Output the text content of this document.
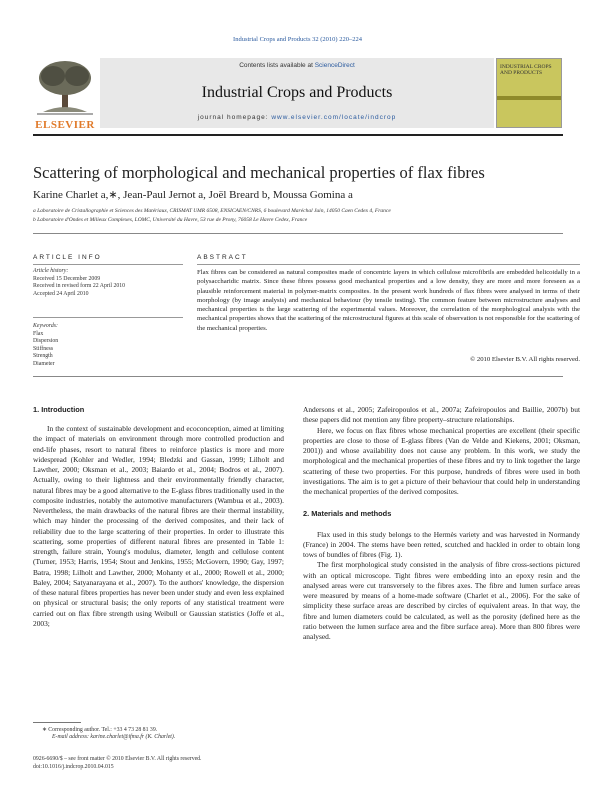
Industrial Crops and Products 32 (2010) 220–224
ELSEVIER
Contents lists available at ScienceDirect
Industrial Crops and Products
journal homepage: www.elsevier.com/locate/indcrop
INDUSTRIAL CROPS AND PRODUCTS
Scattering of morphological and mechanical properties of flax fibres
Karine Charlet a,∗, Jean-Paul Jernot a, Joël Breard b, Moussa Gomina a
a Laboratoire de Cristallographie et Sciences des Matériaux, CRISMAT UMR 6508, ENSICAEN/CNRS, 6 boulevard Maréchal Juin, 14050 Caen Cedex 4, France
b Laboratoire d'Ondes et Milieux Complexes, LOMC, Université du Havre, 53 rue de Prony, 76058 Le Havre Cedex, France
ARTICLE INFO
Article history:
Received 15 December 2009
Received in revised form 22 April 2010
Accepted 24 April 2010
Keywords:
Flax
Dispersion
Stiffness
Strength
Diameter
ABSTRACT
Flax fibres can be considered as natural composites made of concentric layers in which cellulose microfibrils are embedded helicoidally in a polysaccharidic matrix. Since these fibres possess good mechanical properties and a low density, they are more and more foreseen as a plausible reinforcement material in polymer-matrix composites. In the present work hundreds of flax fibres were analysed in terms of their morphology (by image analysis) and mechanical behaviour (by tensile testing). The common feature between microstructure analyses and mechanical properties is the large scattering of the experimental values. Moreover, the correlation of the morphological analysis with the mechanical properties shows that the scattering of the microstructural figures at this scale of observation is not responsible for the scattering of the mechanical properties.
© 2010 Elsevier B.V. All rights reserved.
1. Introduction

In the context of sustainable development and ecoconception, aimed at limiting the impact of materials on environment through more controlled production and end-life phases, resort to natural fibres to reinforce plastics is more and more widespread (Kohler and Wedler, 1994; Bledzki and Gassan, 1999; Lilholt and Lawther, 2000; Oksman et al., 2003; Baiardo et al., 2004; Bodros et al., 2007). Actually, owing to their lightness and their environmentally friendly character, natural fibres may be a good alternative to the E-glass fibres traditionally used in the composite industries, notably the automotive manufacturers (Wambua et al., 2003). Nevertheless, the main drawbacks of the natural fibres are their thermal instability, which may hinder the processing of the derived composites, and their lack of reliability due to the large scattering of their properties. In order to illustrate this scattering, some properties of different natural fibres are presented in Table 1: strength, failure strain, Young's modulus, diameter, length and cellulose content (Turner, 1953; Harris, 1954; Stout and Jenkins, 1955; McGovern, 1990; Gay, 1997; Batra, 1998; Lilholt and Lawther, 2000; Mohanty et al., 2000; Rowell et al., 2000; Baley, 2004; Satyanarayana et al., 2007). To the authors' knowledge, the dispersion of these natural fibres properties has never been under study and even less explained on physical or structural basis; the only reports of any statistical treatment were carried out on flax fibre strength using Weibull or Gaussian statistics (Joffe et al., 2003;

Andersons et al., 2005; Zafeiropoulos et al., 2007a; Zafeiropoulos and Baillie, 2007b) but these papers did not mention any fibre property–structure relationships.

Here, we focus on flax fibres whose mechanical properties are excellent (their specific properties are close to those of E-glass fibres (Van de Velde and Kiekens, 2001; Oksman, 2001)) and whose availability does not cause any problem. In this work, we study the morphological and the mechanical properties of these fibres and try to link together the large scattering of these two properties. For this purpose, hundreds of fibres were used in both investigations. The aim is to get a picture of their behaviour that could help in understanding the mechanical properties of the derived composites.

2. Materials and methods

Flax used in this study belongs to the Hermès variety and was harvested in Normandy (France) in 2004. The stems have been retted, scutched and hackled in order to obtain long tows of bundles of fibres (Fig. 1).

The first morphological study consisted in the analysis of fibre cross-sections pictured with an optical microscope. Tight fibres were embedding into an epoxy resin and the analysed areas were cut transversely to the fibres axes. The fibre and lumen surface areas were measured by means of a home-made software (Charlet et al., 2006). For the sake of simplicity these surface areas are described by circles of equivalent areas. In that way, the fibre and lumen diameters could be calculated, as well as the porosity (defined here as the ratio between the lumen surface area and the fibre surface area). More than 800 fibres were analysed.

∗ Corresponding author. Tel.: +33 4 73 28 81 39.
E-mail address: karine.charlet@ifma.fr (K. Charlet).
0926-6690/$ – see front matter © 2010 Elsevier B.V. All rights reserved.
doi:10.1016/j.indcrop.2010.04.015
